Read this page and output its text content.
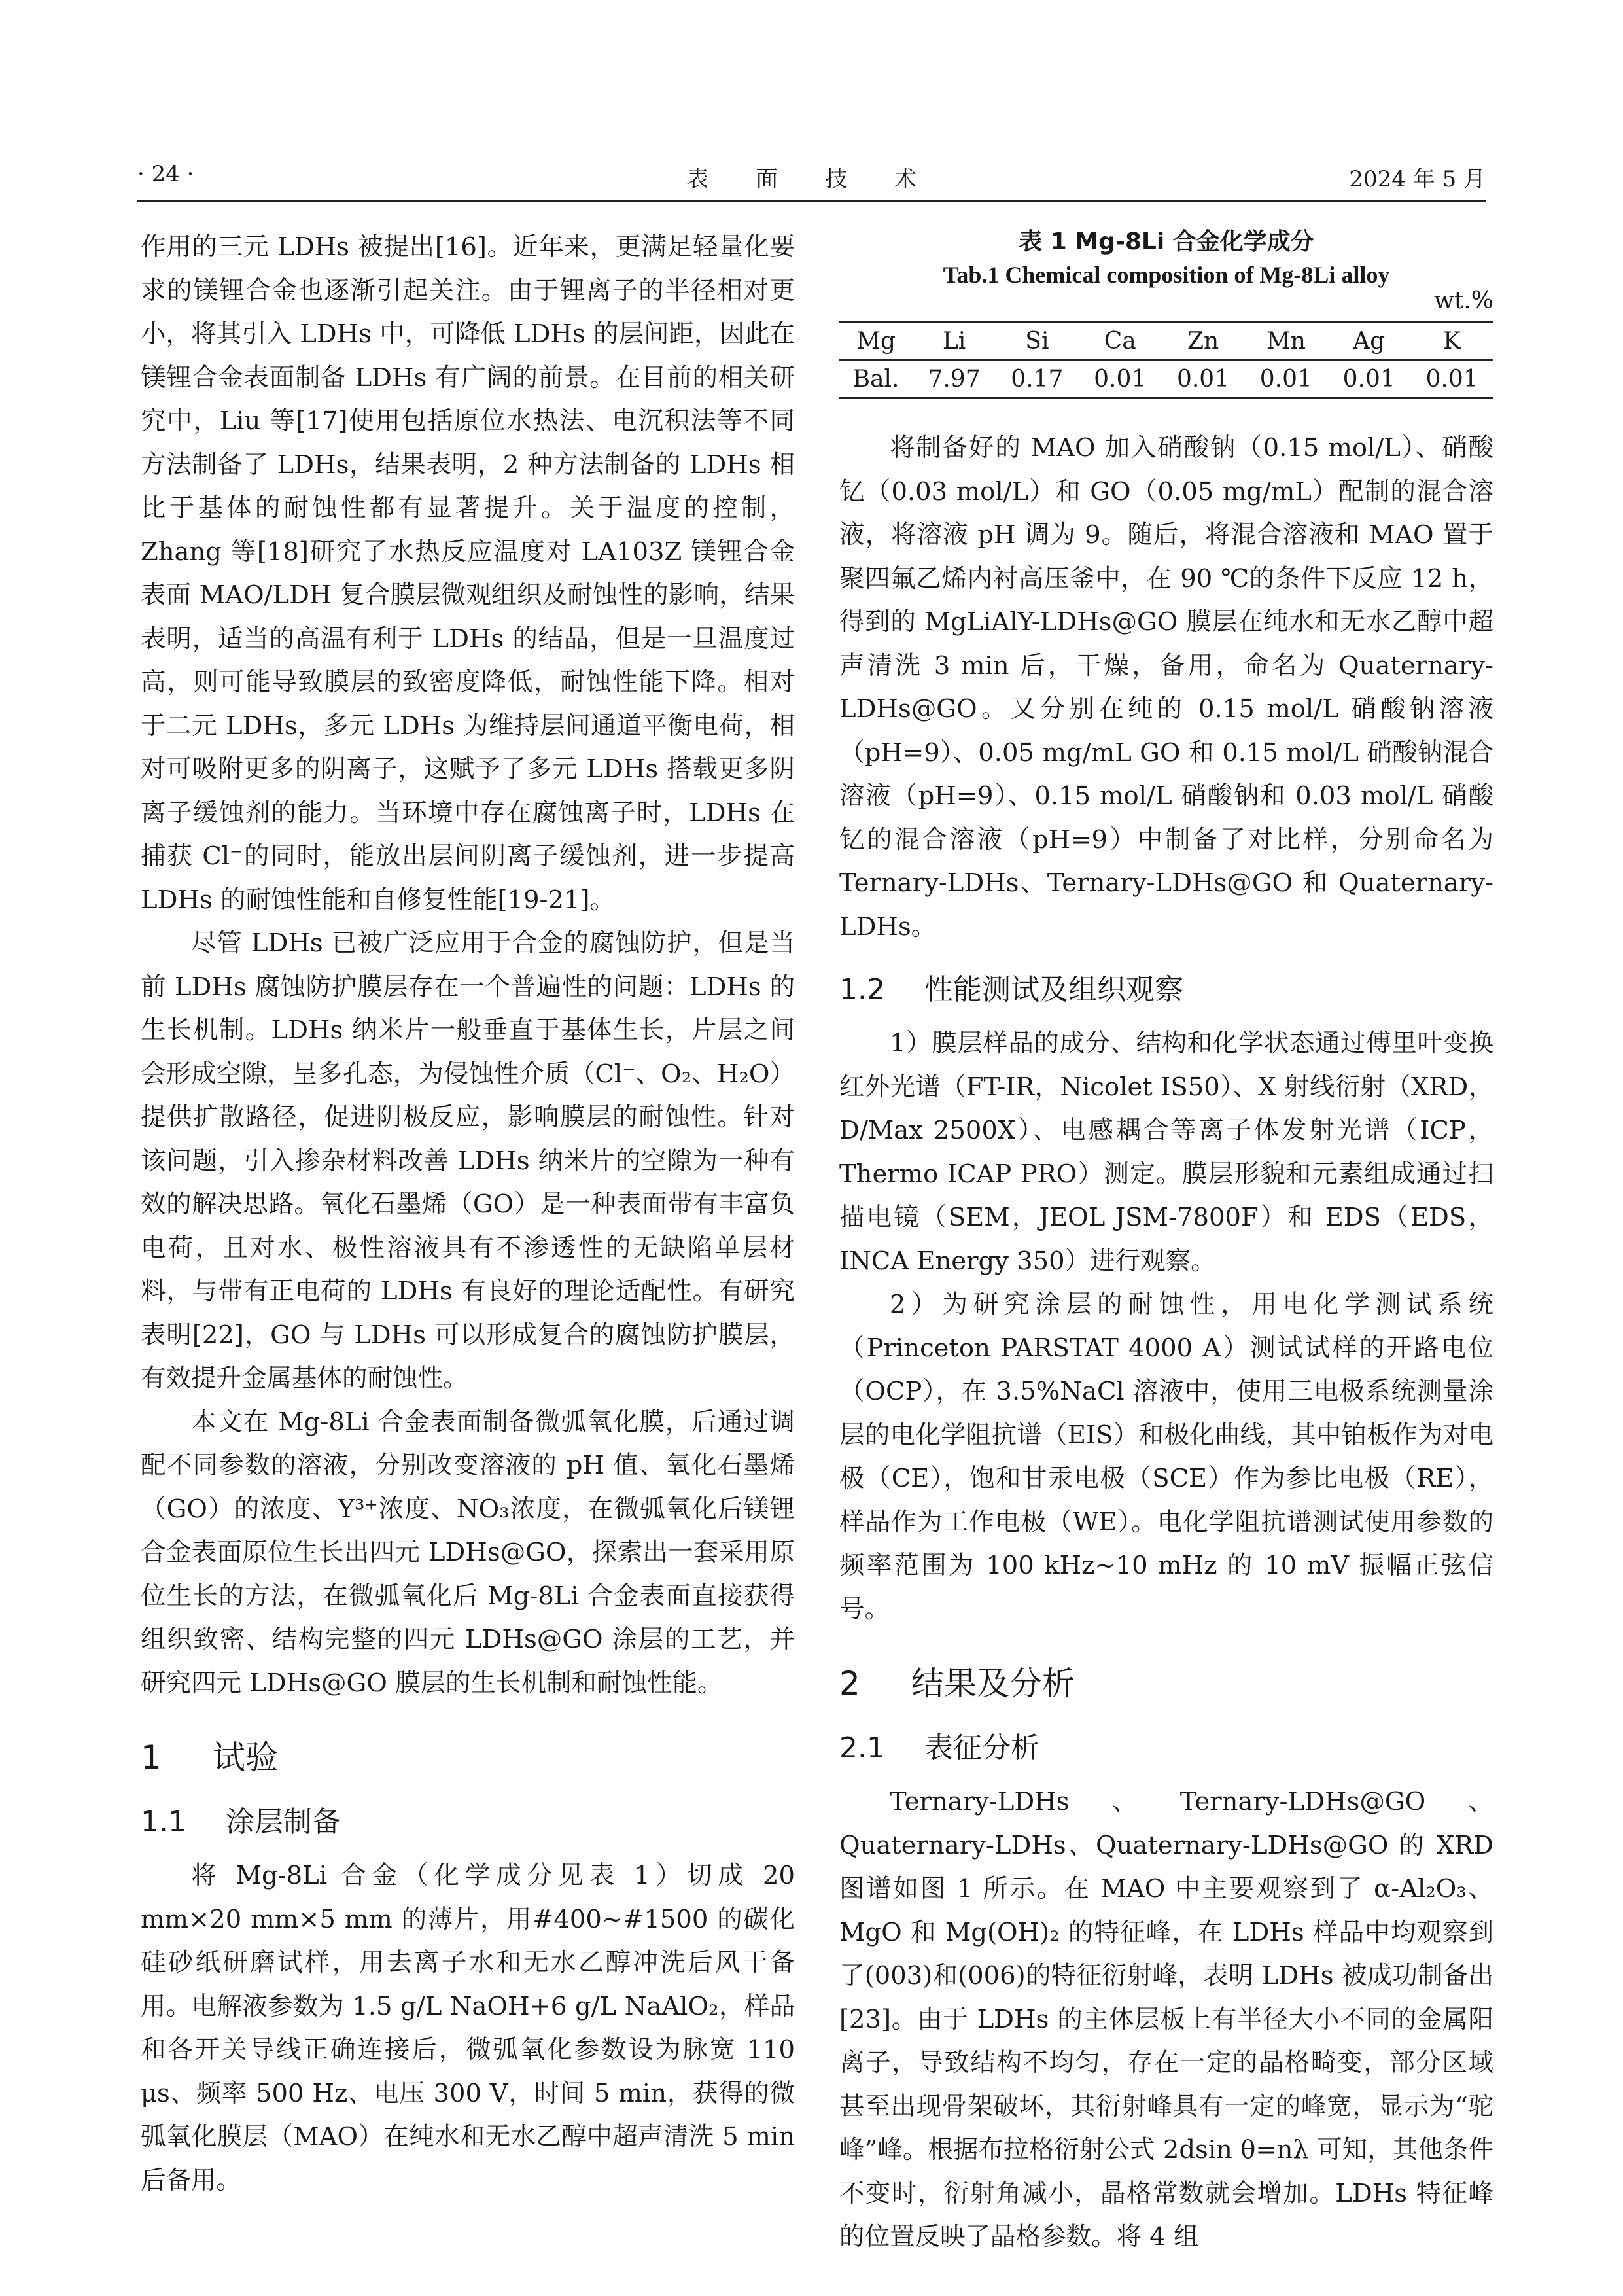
· 24 ·	表 面 技 术	2024 年 5 月

作用的三元 LDHs 被提出[16]。近年来，更满足轻量化要求的镁锂合金也逐渐引起关注。由于锂离子的半径相对更小，将其引入 LDHs 中，可降低 LDHs 的层间距，因此在镁锂合金表面制备 LDHs 有广阔的前景。在目前的相关研究中，Liu 等[17]使用包括原位水热法、电沉积法等不同方法制备了 LDHs，结果表明，2 种方法制备的 LDHs 相比于基体的耐蚀性都有显著提升。关于温度的控制，Zhang 等[18]研究了水热反应温度对 LA103Z 镁锂合金表面 MAO/LDH 复合膜层微观组织及耐蚀性的影响，结果表明，适当的高温有利于 LDHs 的结晶，但是一旦温度过高，则可能导致膜层的致密度降低，耐蚀性能下降。相对于二元 LDHs，多元 LDHs 为维持层间通道平衡电荷，相对可吸附更多的阴离子，这赋予了多元 LDHs 搭载更多阴离子缓蚀剂的能力。当环境中存在腐蚀离子时，LDHs 在捕获 Cl⁻的同时，能放出层间阴离子缓蚀剂，进一步提高 LDHs 的耐蚀性能和自修复性能[19-21]。

尽管 LDHs 已被广泛应用于合金的腐蚀防护，但是当前 LDHs 腐蚀防护膜层存在一个普遍性的问题：LDHs 的生长机制。LDHs 纳米片一般垂直于基体生长，片层之间会形成空隙，呈多孔态，为侵蚀性介质（Cl⁻、O₂、H₂O）提供扩散路径，促进阴极反应，影响膜层的耐蚀性。针对该问题，引入掺杂材料改善 LDHs 纳米片的空隙为一种有效的解决思路。氧化石墨烯（GO）是一种表面带有丰富负电荷，且对水、极性溶液具有不渗透性的无缺陷单层材料，与带有正电荷的 LDHs 有良好的理论适配性。有研究表明[22]，GO 与 LDHs 可以形成复合的腐蚀防护膜层，有效提升金属基体的耐蚀性。

本文在 Mg-8Li 合金表面制备微弧氧化膜，后通过调配不同参数的溶液，分别改变溶液的 pH 值、氧化石墨烯（GO）的浓度、Y³⁺浓度、NO₃浓度，在微弧氧化后镁锂合金表面原位生长出四元 LDHs@GO，探索出一套采用原位生长的方法，在微弧氧化后 Mg-8Li 合金表面直接获得组织致密、结构完整的四元 LDHs@GO 涂层的工艺，并研究四元 LDHs@GO 膜层的生长机制和耐蚀性能。

1 试验
1.1 涂层制备

将 Mg-8Li 合金（化学成分见表 1）切成 20 mm×20 mm×5 mm 的薄片，用#400~#1500 的碳化硅砂纸研磨试样，用去离子水和无水乙醇冲洗后风干备用。电解液参数为 1.5 g/L NaOH+6 g/L NaAlO₂，样品和各开关导线正确连接后，微弧氧化参数设为脉宽 110 μs、频率 500 Hz、电压 300 V，时间 5 min，获得的微弧氧化膜层（MAO）在纯水和无水乙醇中超声清洗 5 min 后备用。

表 1 Mg-8Li 合金化学成分
Tab.1 Chemical composition of Mg-8Li alloy
wt.%
Mg	Li	Si	Ca	Zn	Mn	Ag	K
Bal.	7.97	0.17	0.01	0.01	0.01	0.01	0.01

将制备好的 MAO 加入硝酸钠（0.15 mol/L）、硝酸钇（0.03 mol/L）和 GO（0.05 mg/mL）配制的混合溶液，将溶液 pH 调为 9。随后，将混合溶液和 MAO 置于聚四氟乙烯内衬高压釜中，在 90 ℃的条件下反应 12 h，得到的 MgLiAlY-LDHs@GO 膜层在纯水和无水乙醇中超声清洗 3 min 后，干燥，备用，命名为 Quaternary-LDHs@GO。又分别在纯的 0.15 mol/L 硝酸钠溶液（pH=9）、0.05 mg/mL GO 和 0.15 mol/L 硝酸钠混合溶液（pH=9）、0.15 mol/L 硝酸钠和 0.03 mol/L 硝酸钇的混合溶液（pH=9）中制备了对比样，分别命名为 Ternary-LDHs、Ternary-LDHs@GO 和 Quaternary-LDHs。

1.2 性能测试及组织观察

1）膜层样品的成分、结构和化学状态通过傅里叶变换红外光谱（FT-IR，Nicolet IS50）、X 射线衍射（XRD，D/Max 2500X）、电感耦合等离子体发射光谱（ICP，Thermo ICAP PRO）测定。膜层形貌和元素组成通过扫描电镜（SEM，JEOL JSM-7800F）和 EDS（EDS，INCA Energy 350）进行观察。

2）为研究涂层的耐蚀性，用电化学测试系统（Princeton PARSTAT 4000 A）测试试样的开路电位（OCP），在 3.5%NaCl 溶液中，使用三电极系统测量涂层的电化学阻抗谱（EIS）和极化曲线，其中铂板作为对电极（CE），饱和甘汞电极（SCE）作为参比电极（RE），样品作为工作电极（WE）。电化学阻抗谱测试使用参数的频率范围为 100 kHz~10 mHz 的 10 mV 振幅正弦信号。

2 结果及分析
2.1 表征分析

Ternary-LDHs、Ternary-LDHs@GO、Quaternary-LDHs、Quaternary-LDHs@GO 的 XRD 图谱如图 1 所示。在 MAO 中主要观察到了 α-Al₂O₃、MgO 和 Mg(OH)₂ 的特征峰，在 LDHs 样品中均观察到了(003)和(006)的特征衍射峰，表明 LDHs 被成功制备出[23]。由于 LDHs 的主体层板上有半径大小不同的金属阳离子，导致结构不均匀，存在一定的晶格畸变，部分区域甚至出现骨架破坏，其衍射峰具有一定的峰宽，显示为“驼峰”峰。根据布拉格衍射公式 2dsin θ=nλ 可知，其他条件不变时，衍射角减小，晶格常数就会增加。LDHs 特征峰的位置反映了晶格参数。将 4 组
